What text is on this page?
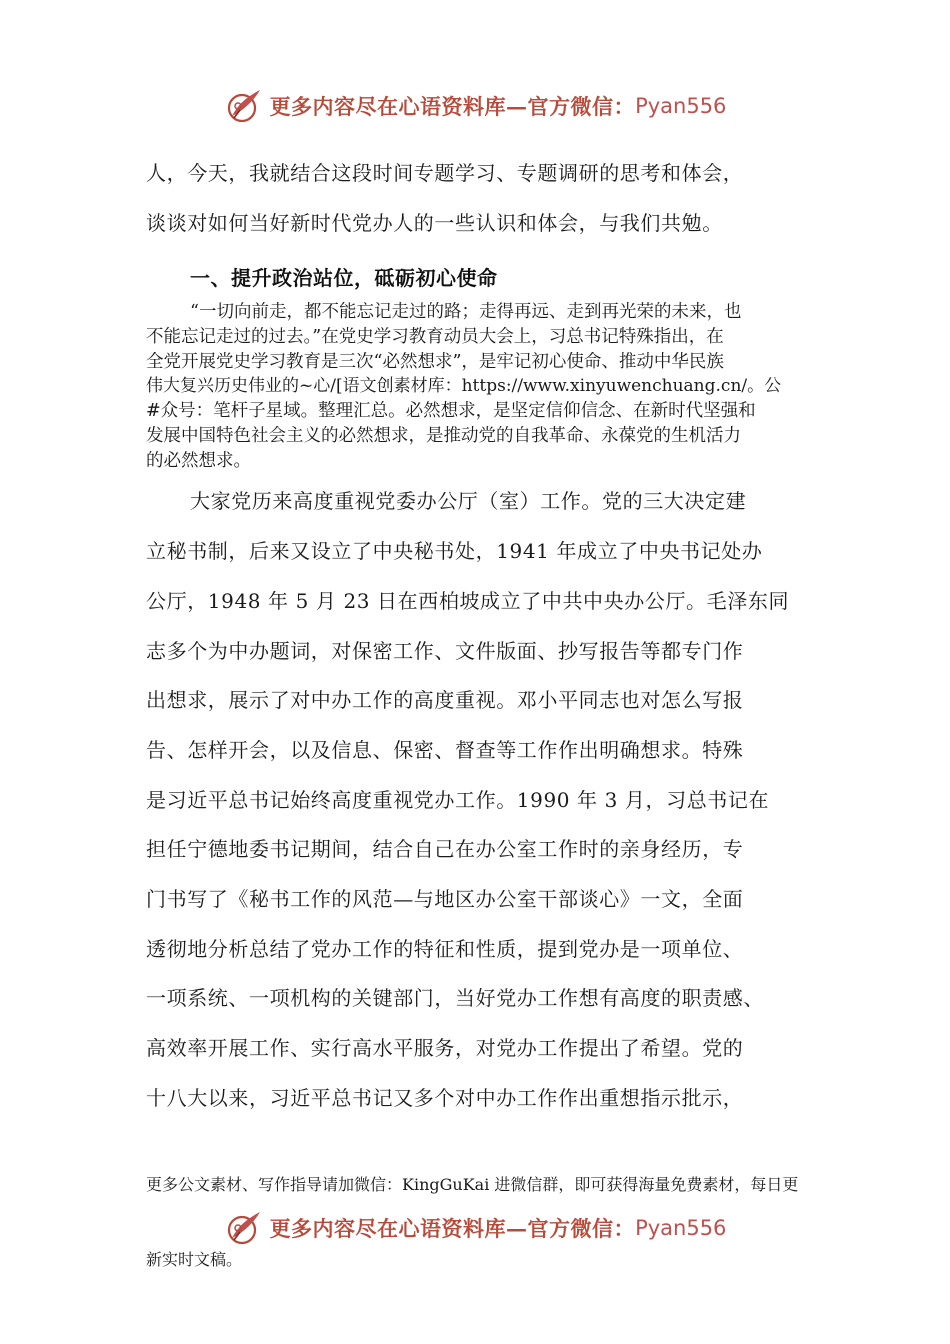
更多内容尽在心语资料库—官方微信： Pyan556
人，今天，我就结合这段时间专题学习、专题调研的思考和体会，
谈谈对如何当好新时代党办人的一些认识和体会，与我们共勉。
一、提升政治站位，砥砺初心使命
“一切向前走，都不能忘记走过的路；走得再远、走到再光荣的未来，也
不能忘记走过的过去。”在党史学习教育动员大会上，习总书记特殊指出，在
全党开展党史学习教育是三次“必然想求”，是牢记初心使命、推动中华民族
伟大复兴历史伟业的~心/[语文创素材库：https://www.xinyuwenchuang.cn/。公
#众号：笔杆子星域。整理汇总。必然想求，是坚定信仰信念、在新时代坚强和
发展中国特色社会主义的必然想求，是推动党的自我革命、永葆党的生机活力
的必然想求。
大家党历来高度重视党委办公厅（室）工作。党的三大决定建
立秘书制，后来又设立了中央秘书处，1941 年成立了中央书记处办
公厅，1948 年 5 月 23 日在西柏坡成立了中共中央办公厅。毛泽东同
志多个为中办题词，对保密工作、文件版面、抄写报告等都专门作
出想求，展示了对中办工作的高度重视。邓小平同志也对怎么写报
告、怎样开会，以及信息、保密、督查等工作作出明确想求。特殊
是习近平总书记始终高度重视党办工作。1990 年 3 月，习总书记在
担任宁德地委书记期间，结合自己在办公室工作时的亲身经历，专
门书写了《秘书工作的风范—与地区办公室干部谈心》一文，全面
透彻地分析总结了党办工作的特征和性质，提到党办是一项单位、
一项系统、一项机构的关键部门，当好党办工作想有高度的职责感、
高效率开展工作、实行高水平服务，对党办工作提出了希望。党的
十八大以来，习近平总书记又多个对中办工作作出重想指示批示，
更多公文素材、写作指导请加微信：KingGuKai 进微信群，即可获得海量免费素材，每日更
更多内容尽在心语资料库—官方微信： Pyan556
新实时文稿。
